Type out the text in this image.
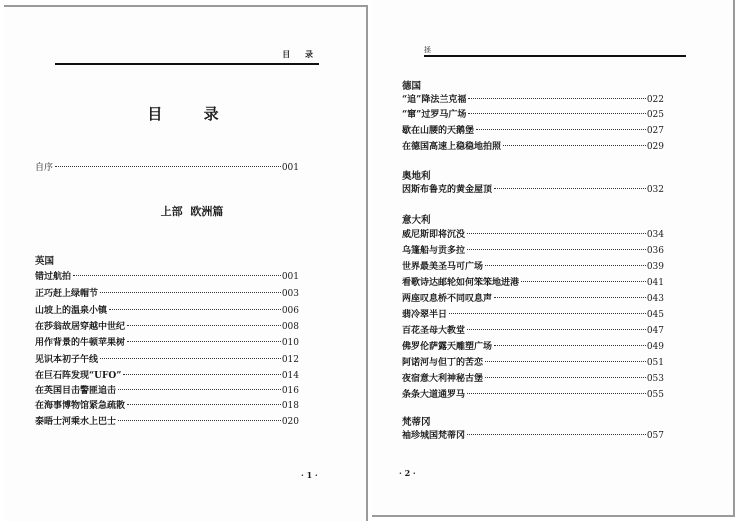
目 录
目 录
自序	001
上部 欧洲篇
英国
错过航拍	001
正巧赶上绿帽节	003
山坡上的温泉小镇	006
在莎翁故居穿越中世纪	008
用作背景的牛顿苹果树	010
见识本初子午线	012
在巨石阵发现“UFO”	014
在英国目击警匪追击	016
在海事博物馆紧急疏散	018
泰晤士河乘水上巴士	020
· 1 ·
拯
德国
“追”降法兰克福	022
“窜”过罗马广场	025
歇在山腰的天鹅堡	027
在德国高速上稳稳地拍照	029
奥地利
因斯布鲁克的黄金屋顶	032
意大利
威尼斯即将沉没	034
乌篷船与贡多拉	036
世界最美圣马可广场	039
看歌诗达邮轮如何笨笨地进港	041
两座叹息桥不同叹息声	043
翡冷翠半日	045
百花圣母大教堂	047
佛罗伦萨露天雕塑广场	049
阿诺河与但丁的苦恋	051
夜宿意大利神秘古堡	053
条条大道通罗马	055
梵蒂冈
袖珍城国梵蒂冈	057
· 2 ·
